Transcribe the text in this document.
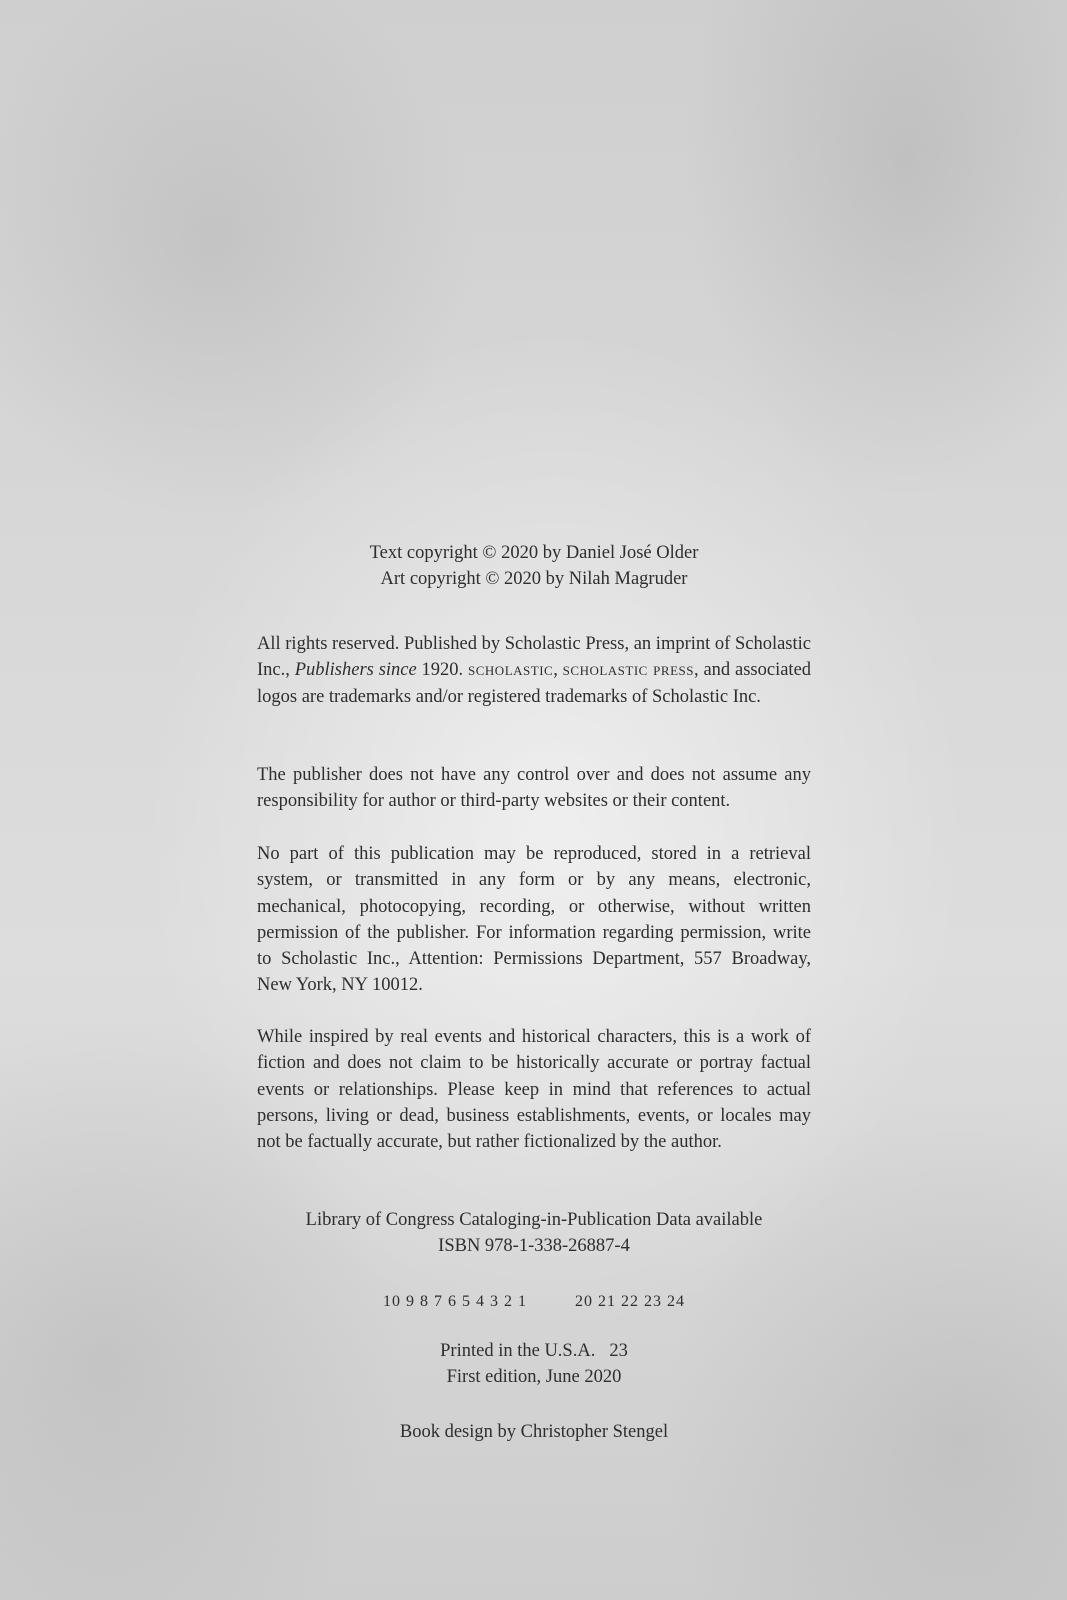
Text copyright © 2020 by Daniel José Older
Art copyright © 2020 by Nilah Magruder
All rights reserved. Published by Scholastic Press, an imprint of Scholastic Inc., Publishers since 1920. scholastic, scholastic press, and associated logos are trademarks and/or registered trademarks of Scholastic Inc.
The publisher does not have any control over and does not assume any responsibility for author or third-party websites or their content.
No part of this publication may be reproduced, stored in a retrieval system, or transmitted in any form or by any means, electronic, mechanical, photocopying, recording, or otherwise, without written permission of the publisher. For information regarding permission, write to Scholastic Inc., Attention: Permissions Department, 557 Broadway, New York, NY 10012.
While inspired by real events and historical characters, this is a work of fiction and does not claim to be historically accurate or portray factual events or relationships. Please keep in mind that references to actual persons, living or dead, business establishments, events, or locales may not be factually accurate, but rather fictionalized by the author.
Library of Congress Cataloging-in-Publication Data available
ISBN 978-1-338-26887-4
10 9 8 7 6 5 4 3 2 1	20 21 22 23 24
Printed in the U.S.A. 23
First edition, June 2020
Book design by Christopher Stengel
